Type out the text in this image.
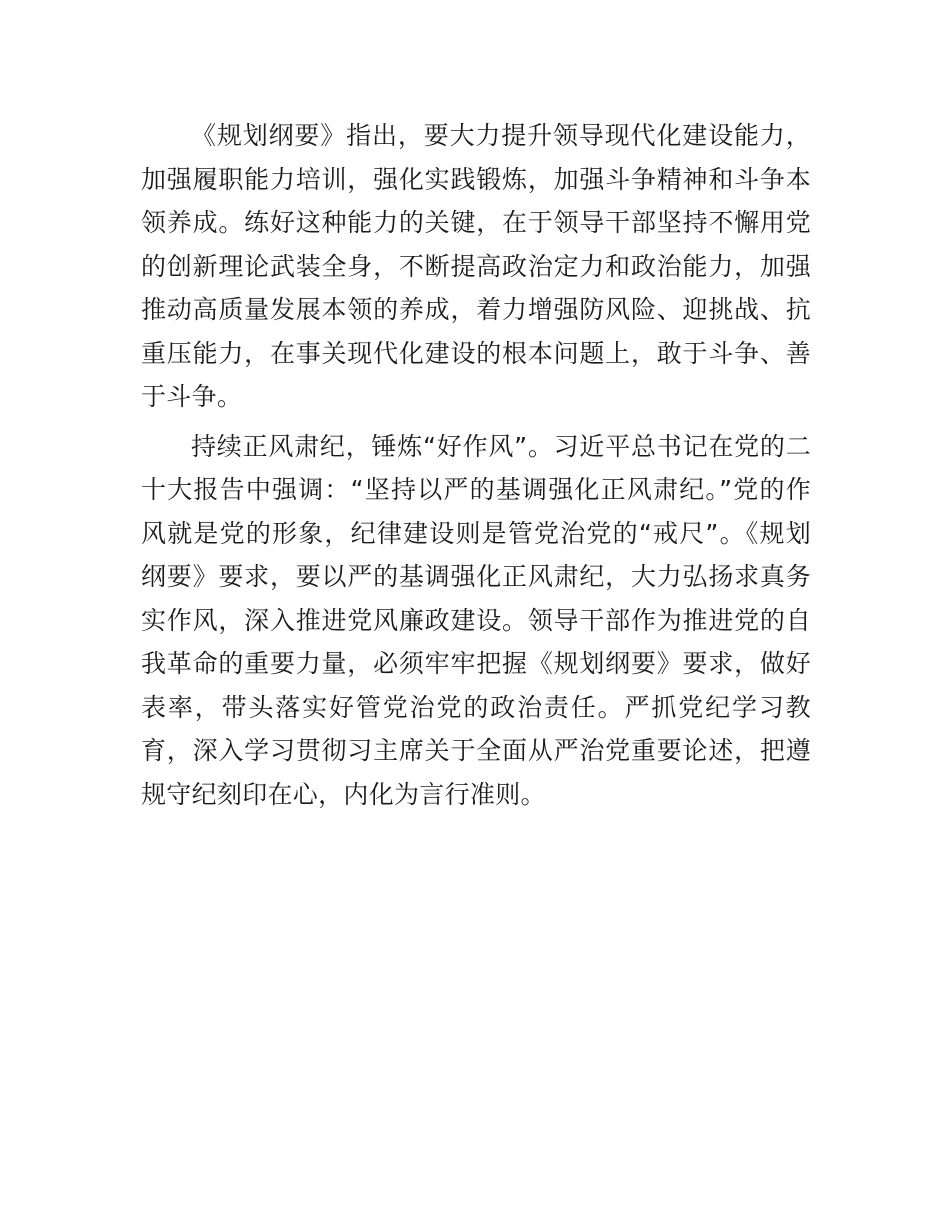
《规划纲要》指出，要大力提升领导现代化建设能力，加强履职能力培训，强化实践锻炼，加强斗争精神和斗争本领养成。练好这种能力的关键，在于领导干部坚持不懈用党的创新理论武装全身，不断提高政治定力和政治能力，加强推动高质量发展本领的养成，着力增强防风险、迎挑战、抗重压能力，在事关现代化建设的根本问题上，敢于斗争、善于斗争。

持续正风肃纪，锤炼“好作风”。习近平总书记在党的二十大报告中强调：“坚持以严的基调强化正风肃纪。”党的作风就是党的形象，纪律建设则是管党治党的“戒尺”。《规划纲要》要求，要以严的基调强化正风肃纪，大力弘扬求真务实作风，深入推进党风廉政建设。领导干部作为推进党的自我革命的重要力量，必须牢牢把握《规划纲要》要求，做好表率，带头落实好管党治党的政治责任。严抓党纪学习教育，深入学习贯彻习主席关于全面从严治党重要论述，把遵规守纪刻印在心，内化为言行准则。
